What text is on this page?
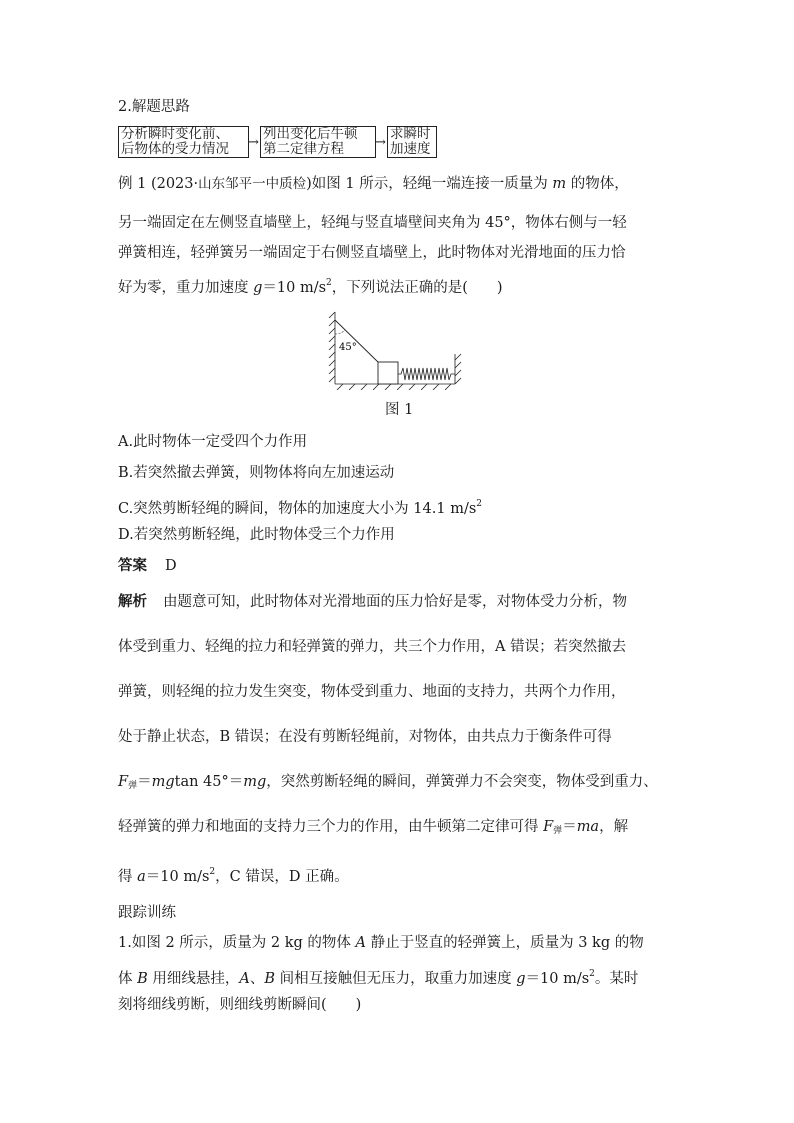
2.解题思路
分析瞬时变化前、
后物体的受力情况	→
列出变化后牛顿
第二定律方程	→
求瞬时
加速度
例 1 (2023·山东邹平一中质检)如图 1 所示，轻绳一端连接一质量为 m 的物体，
另一端固定在左侧竖直墙壁上，轻绳与竖直墙壁间夹角为 45°，物体右侧与一轻
弹簧相连，轻弹簧另一端固定于右侧竖直墙壁上，此时物体对光滑地面的压力恰
好为零，重力加速度 g＝10 $m/s^2$，下列说法正确的是(　　)
45°
图 1
A.此时物体一定受四个力作用
B.若突然撤去弹簧，则物体将向左加速运动
C.突然剪断轻绳的瞬间，物体的加速度大小为 14.1 $m/s^2$
D.若突然剪断轻绳，此时物体受三个力作用
答案 D
解析 由题意可知，此时物体对光滑地面的压力恰好是零，对物体受力分析，物
体受到重力、轻绳的拉力和轻弹簧的弹力，共三个力作用，A 错误；若突然撤去
弹簧，则轻绳的拉力发生突变，物体受到重力、地面的支持力，共两个力作用，
处于静止状态，B 错误；在没有剪断轻绳前，对物体，由共点力于衡条件可得
$F_弹=mgtan$ 45°＝mg，突然剪断轻绳的瞬间，弹簧弹力不会突变，物体受到重力、
轻弹簧的弹力和地面的支持力三个力的作用，由牛顿第二定律可得 $F_弹=ma$，解
得 a＝10 $m/s^2$，C 错误，D 正确。
跟踪训练
1.如图 2 所示，质量为 2 kg 的物体 A 静止于竖直的轻弹簧上，质量为 3 kg 的物
体 B 用细线悬挂，A、B 间相互接触但无压力，取重力加速度 g＝10 $m/s^2$。某时
刻将细线剪断，则细线剪断瞬间(　　)
